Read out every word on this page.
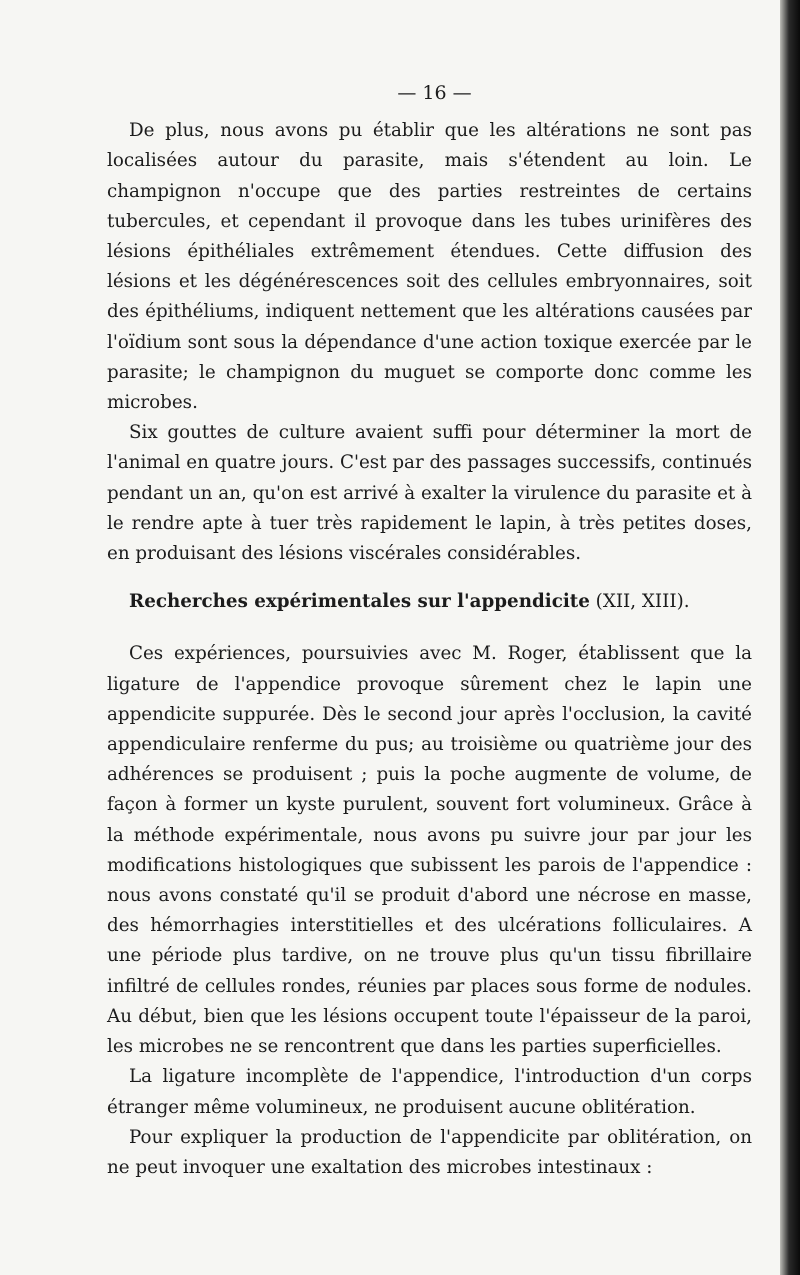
— 16 —

De plus, nous avons pu établir que les altérations ne sont pas localisées autour du parasite, mais s'étendent au loin. Le champignon n'occupe que des parties restreintes de certains tubercules, et cependant il provoque dans les tubes urinifères des lésions épithéliales extrêmement étendues. Cette diffusion des lésions et les dégénérescences soit des cellules embryonnaires, soit des épithéliums, indiquent nettement que les altérations causées par l'oïdium sont sous la dépendance d'une action toxique exercée par le parasite; le champignon du muguet se comporte donc comme les microbes.

Six gouttes de culture avaient suffi pour déterminer la mort de l'animal en quatre jours. C'est par des passages successifs, continués pendant un an, qu'on est arrivé à exalter la virulence du parasite et à le rendre apte à tuer très rapidement le lapin, à très petites doses, en produisant des lésions viscérales considérables.

Recherches expérimentales sur l'appendicite (XII, XIII).

Ces expériences, poursuivies avec M. Roger, établissent que la ligature de l'appendice provoque sûrement chez le lapin une appendicite suppurée. Dès le second jour après l'occlusion, la cavité appendiculaire renferme du pus; au troisième ou quatrième jour des adhérences se produisent ; puis la poche augmente de volume, de façon à former un kyste purulent, souvent fort volumineux. Grâce à la méthode expérimentale, nous avons pu suivre jour par jour les modifications histologiques que subissent les parois de l'appendice : nous avons constaté qu'il se produit d'abord une nécrose en masse, des hémorrhagies interstitielles et des ulcérations folliculaires. A une période plus tardive, on ne trouve plus qu'un tissu fibrillaire infiltré de cellules rondes, réunies par places sous forme de nodules. Au début, bien que les lésions occupent toute l'épaisseur de la paroi, les microbes ne se rencontrent que dans les parties superficielles.

La ligature incomplète de l'appendice, l'introduction d'un corps étranger même volumineux, ne produisent aucune oblitération.

Pour expliquer la production de l'appendicite par oblitération, on ne peut invoquer une exaltation des microbes intestinaux :
